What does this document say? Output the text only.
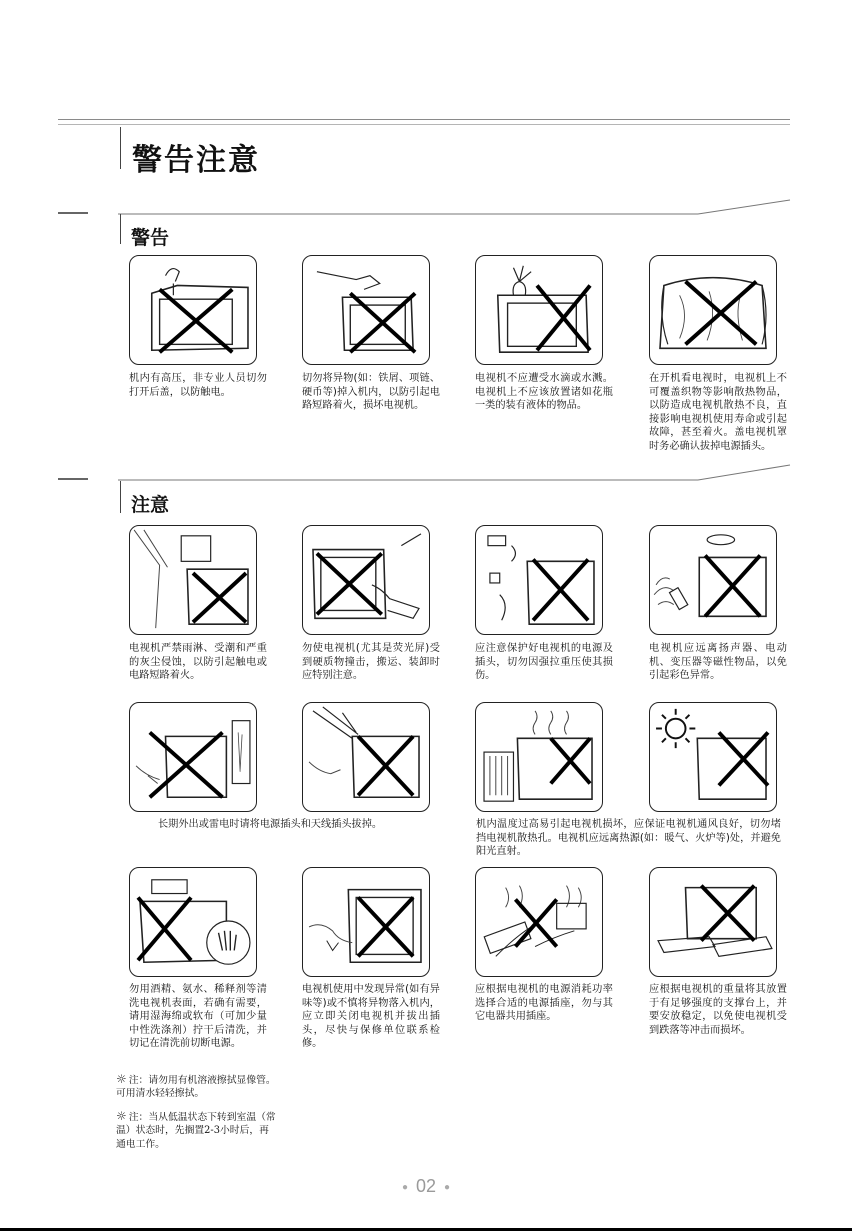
警告注意
警告
机内有高压，非专业人员切勿打开后盖，以防触电。
切勿将异物(如：铁屑、项链、硬币等)掉入机内，以防引起电路短路着火，损坏电视机。
电视机不应遭受水滴或水溅。电视机上不应该放置诸如花瓶一类的装有液体的物品。
在开机看电视时，电视机上不可覆盖织物等影响散热物品，以防造成电视机散热不良，直接影响电视机使用寿命或引起故障，甚至着火。盖电视机罩时务必确认拔掉电源插头。
注意
电视机严禁雨淋、受潮和严重的灰尘侵蚀，以防引起触电或电路短路着火。
勿使电视机(尤其是荧光屏)受到硬质物撞击，搬运、装卸时应特别注意。
应注意保护好电视机的电源及插头，切勿因强拉重压使其损伤。
电视机应远离扬声器、电动机、变压器等磁性物品，以免引起彩色异常。
长期外出或雷电时请将电源插头和天线插头拔掉。	机内温度过高易引起电视机损坏，应保证电视机通风良好，切勿堵挡电视机散热孔。电视机应远离热源(如：暖气、火炉等)处，并避免阳光直射。
勿用酒精、氨水、稀释剂等清洗电视机表面，若确有需要，请用湿海绵或软布（可加少量中性洗涤剂）拧干后清洗，并切记在清洗前切断电源。
电视机使用中发现异常(如有异味等)或不慎将异物落入机内，应立即关闭电视机并拔出插头，尽快与保修单位联系检修。
应根据电视机的电源消耗功率选择合适的电源插座，勿与其它电器共用插座。
应根据电视机的重量将其放置于有足够强度的支撑台上，并要安放稳定，以免使电视机受到跌落等冲击而损坏。
☼ 注：请勿用有机溶液擦拭显像管。可用清水轻轻擦拭。
☼ 注：当从低温状态下转到室温（常温）状态时，先搁置2-3小时后，再通电工作。
● 02 ●
